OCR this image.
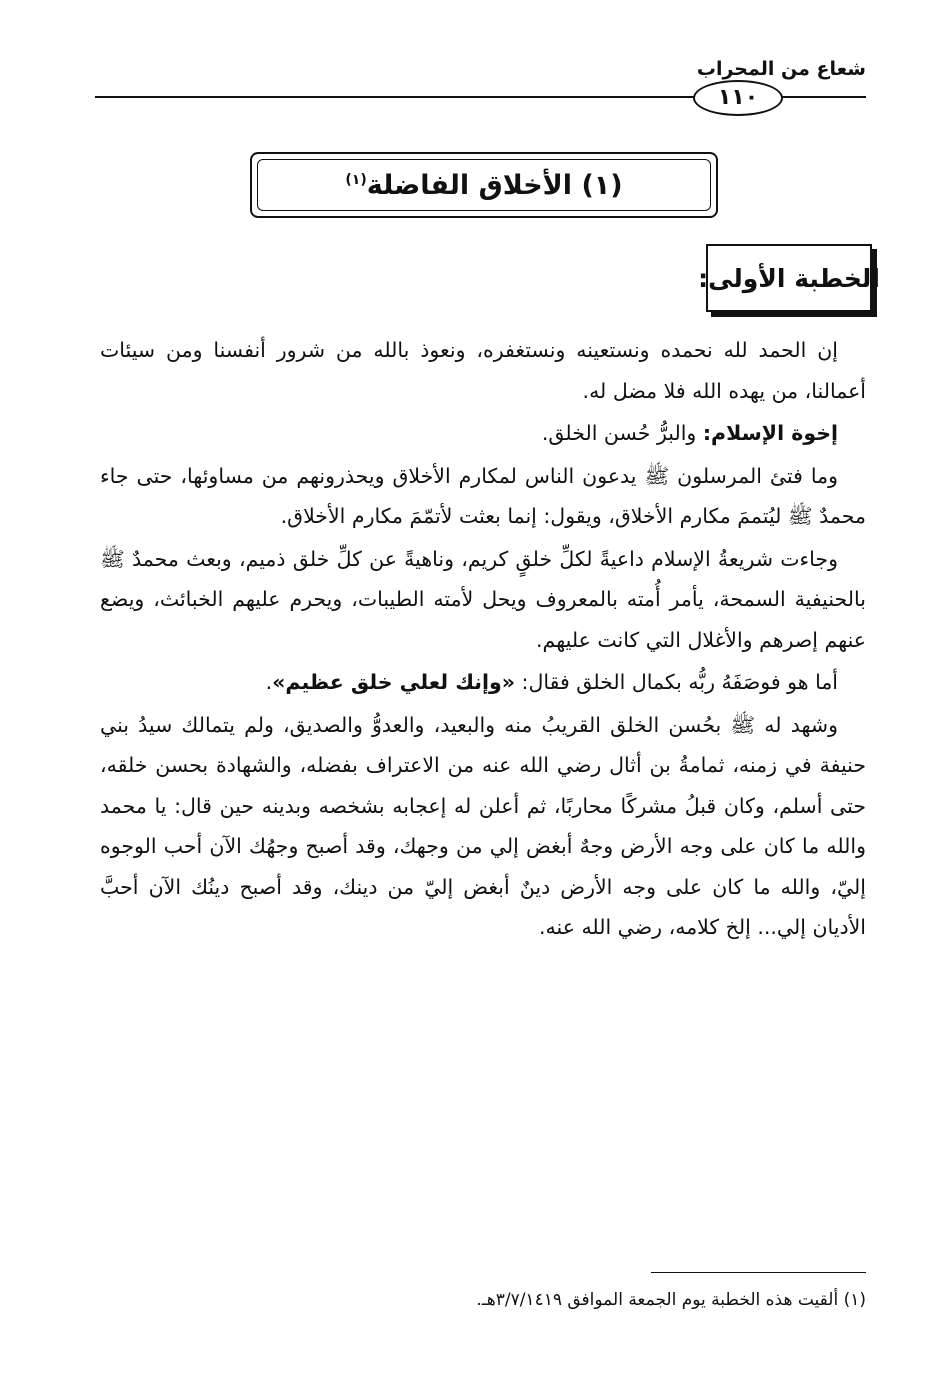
شعاع من المحراب
١١٠
(١) الأخلاق الفاضلة$^{(١)}$
الخطبة الأولى:

إن الحمد لله نحمده ونستعينه ونستغفره، ونعوذ بالله من شرور أنفسنا ومن سيئات أعمالنا، من يهده الله فلا مضل له.

إخوة الإسلام: والبرُّ حُسن الخلق.

وما فتئ المرسلون ﷺ يدعون الناس لمكارم الأخلاق ويحذرونهم من مساوئها، حتى جاء محمدٌ ﷺ ليُتممَ مكارم الأخلاق، ويقول: إنما بعثت لأتمّمَ مكارم الأخلاق.

وجاءت شريعةُ الإسلام داعيةً لكلِّ خلقٍ كريم، وناهيةً عن كلِّ خلق ذميم، وبعث محمدٌ ﷺ بالحنيفية السمحة، يأمر أُمته بالمعروف ويحل لأمته الطيبات، ويحرم عليهم الخبائث، ويضع عنهم إصرهم والأغلال التي كانت عليهم.

أما هو فوصَفَهُ ربُّه بكمال الخلق فقال: «وإنك لعلي خلق عظيم».

وشهد له ﷺ بحُسن الخلق القريبُ منه والبعيد، والعدوُّ والصديق، ولم يتمالك سيدُ بني حنيفة في زمنه، ثمامةُ بن أثال رضي الله عنه من الاعتراف بفضله، والشهادة بحسن خلقه، حتى أسلم، وكان قبلُ مشركًا محاربًا، ثم أعلن له إعجابه بشخصه وبدينه حين قال: يا محمد والله ما كان على وجه الأرض وجهٌ أبغض إلي من وجهك، وقد أصبح وجهُك الآن أحب الوجوه إليّ، والله ما كان على وجه الأرض دينٌ أبغض إليّ من دينك، وقد أصبح دينُك الآن أحبَّ الأديان إلي... إلخ كلامه، رضي الله عنه.

(١) ألقيت هذه الخطبة يوم الجمعة الموافق ٣/٧/١٤١٩هـ.
